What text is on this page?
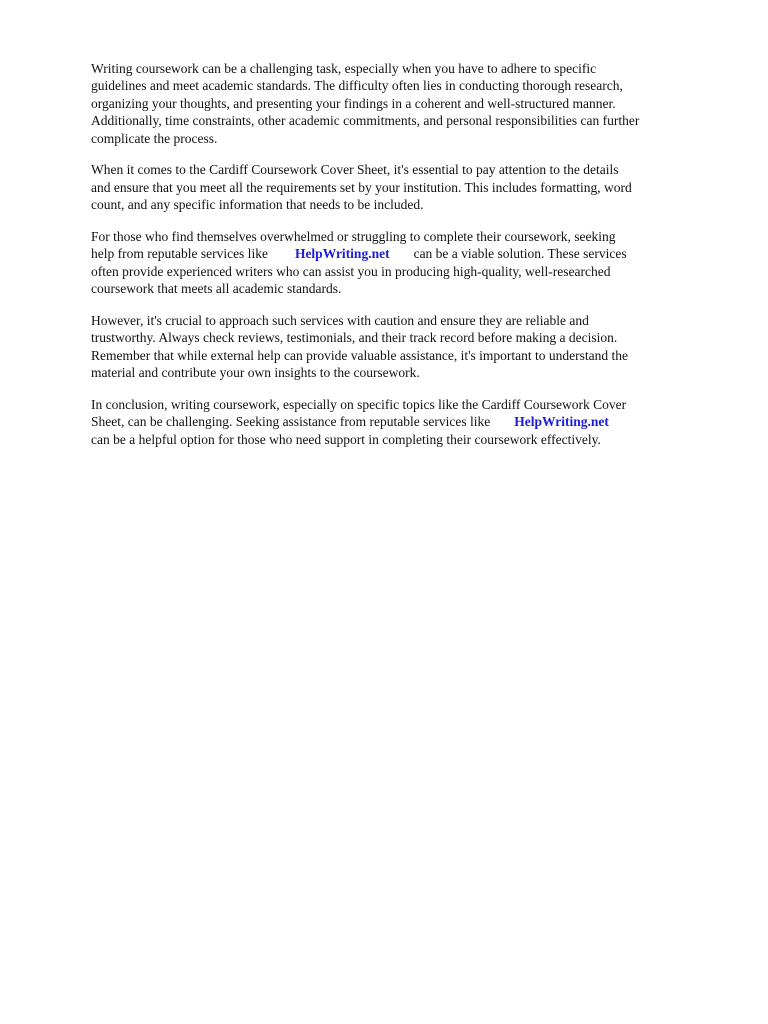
Writing coursework can be a challenging task, especially when you have to adhere to specific
guidelines and meet academic standards. The difficulty often lies in conducting thorough research,
organizing your thoughts, and presenting your findings in a coherent and well-structured manner.
Additionally, time constraints, other academic commitments, and personal responsibilities can further
complicate the process.
When it comes to the Cardiff Coursework Cover Sheet, it's essential to pay attention to the details
and ensure that you meet all the requirements set by your institution. This includes formatting, word
count, and any specific information that needs to be included.
For those who find themselves overwhelmed or struggling to complete their coursework, seeking
help from reputable services like HelpWriting.net can be a viable solution. These services
often provide experienced writers who can assist you in producing high-quality, well-researched
coursework that meets all academic standards.
However, it's crucial to approach such services with caution and ensure they are reliable and
trustworthy. Always check reviews, testimonials, and their track record before making a decision.
Remember that while external help can provide valuable assistance, it's important to understand the
material and contribute your own insights to the coursework.
In conclusion, writing coursework, especially on specific topics like the Cardiff Coursework Cover
Sheet, can be challenging. Seeking assistance from reputable services like HelpWriting.net
can be a helpful option for those who need support in completing their coursework effectively.
